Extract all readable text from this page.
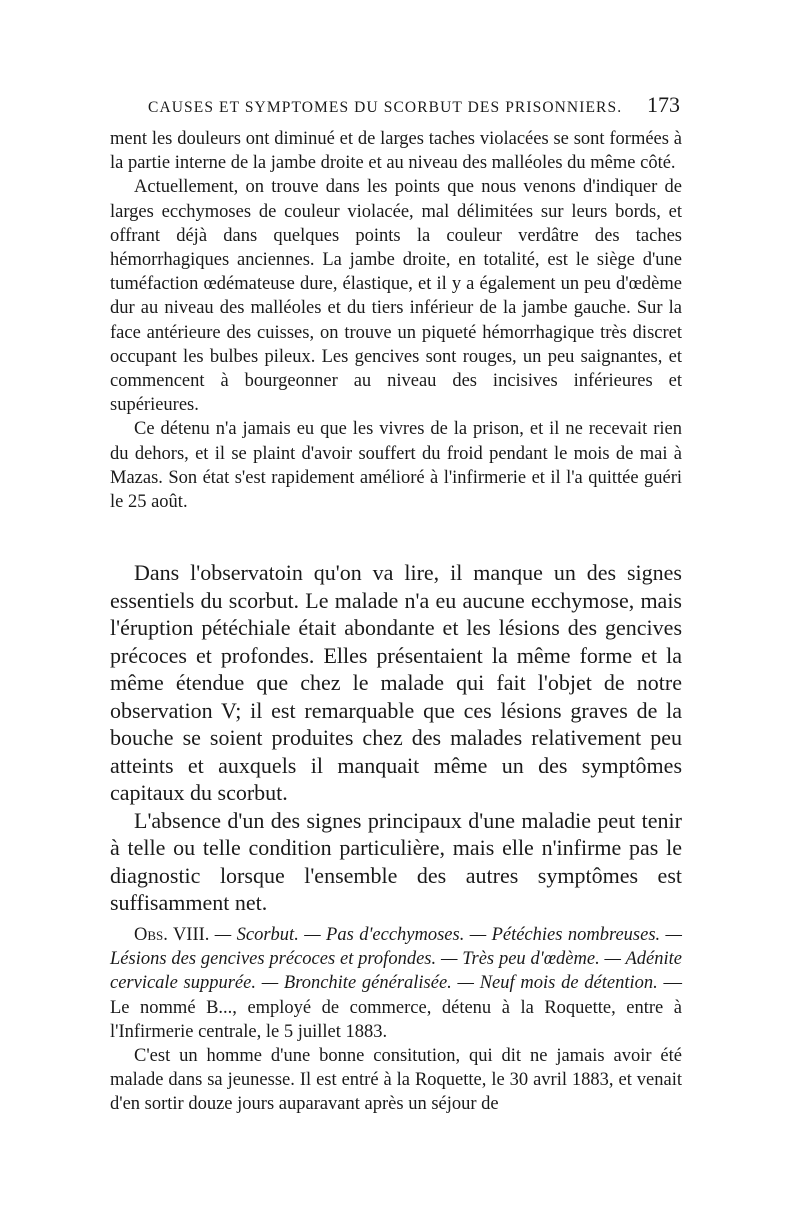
CAUSES ET SYMPTOMES DU SCORBUT DES PRISONNIERS. 173

ment les douleurs ont diminué et de larges taches violacées se sont formées à la partie interne de la jambe droite et au niveau des malléoles du même côté.

Actuellement, on trouve dans les points que nous venons d'indiquer de larges ecchymoses de couleur violacée, mal délimitées sur leurs bords, et offrant déjà dans quelques points la couleur verdâtre des taches hémorrhagiques anciennes. La jambe droite, en totalité, est le siège d'une tuméfaction œdémateuse dure, élastique, et il y a également un peu d'œdème dur au niveau des malléoles et du tiers inférieur de la jambe gauche. Sur la face antérieure des cuisses, on trouve un piqueté hémorrhagique très discret occupant les bulbes pileux. Les gencives sont rouges, un peu saignantes, et commencent à bourgeonner au niveau des incisives inférieures et supérieures.

Ce détenu n'a jamais eu que les vivres de la prison, et il ne recevait rien du dehors, et il se plaint d'avoir souffert du froid pendant le mois de mai à Mazas. Son état s'est rapidement amélioré à l'infirmerie et il l'a quittée guéri le 25 août.

Dans l'observatoin qu'on va lire, il manque un des signes essentiels du scorbut. Le malade n'a eu aucune ecchymose, mais l'éruption pétéchiale était abondante et les lésions des gencives précoces et profondes. Elles présentaient la même forme et la même étendue que chez le malade qui fait l'objet de notre observation V; il est remarquable que ces lésions graves de la bouche se soient produites chez des malades relativement peu atteints et auxquels il manquait même un des symptômes capitaux du scorbut.

L'absence d'un des signes principaux d'une maladie peut tenir à telle ou telle condition particulière, mais elle n'infirme pas le diagnostic lorsque l'ensemble des autres symptômes est suffisamment net.

Obs. VIII. — Scorbut. — Pas d'ecchymoses. — Pétéchies nombreuses. — Lésions des gencives précoces et profondes. — Très peu d'œdème. — Adénite cervicale suppurée. — Bronchite généralisée. — Neuf mois de détention. — Le nommé B..., employé de commerce, détenu à la Roquette, entre à l'Infirmerie centrale, le 5 juillet 1883.

C'est un homme d'une bonne consitution, qui dit ne jamais avoir été malade dans sa jeunesse. Il est entré à la Roquette, le 30 avril 1883, et venait d'en sortir douze jours auparavant après un séjour de
